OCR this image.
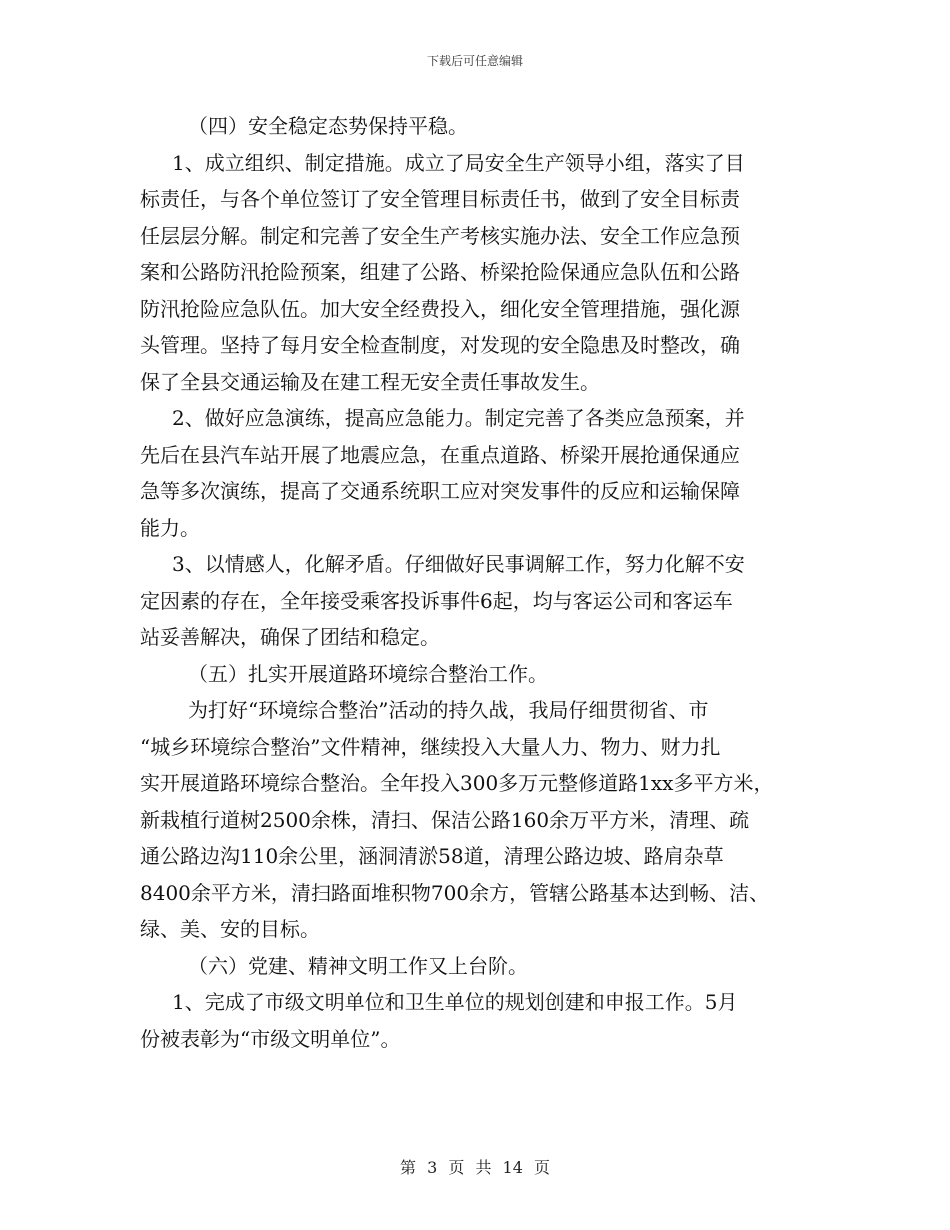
下载后可任意编辑
（四）安全稳定态势保持平稳。
1、成立组织、制定措施。成立了局安全生产领导小组，落实了目
标责任，与各个单位签订了安全管理目标责任书，做到了安全目标责
任层层分解。制定和完善了安全生产考核实施办法、安全工作应急预
案和公路防汛抢险预案，组建了公路、桥梁抢险保通应急队伍和公路
防汛抢险应急队伍。加大安全经费投入，细化安全管理措施，强化源
头管理。坚持了每月安全检查制度，对发现的安全隐患及时整改，确
保了全县交通运输及在建工程无安全责任事故发生。
2、做好应急演练，提高应急能力。制定完善了各类应急预案，并
先后在县汽车站开展了地震应急，在重点道路、桥梁开展抢通保通应
急等多次演练，提高了交通系统职工应对突发事件的反应和运输保障
能力。
3、以情感人，化解矛盾。仔细做好民事调解工作，努力化解不安
定因素的存在，全年接受乘客投诉事件6起，均与客运公司和客运车
站妥善解决，确保了团结和稳定。
（五）扎实开展道路环境综合整治工作。
为打好“环境综合整治”活动的持久战，我局仔细贯彻省、市
“城乡环境综合整治”文件精神，继续投入大量人力、物力、财力扎
实开展道路环境综合整治。全年投入300多万元整修道路1xx多平方米，
新栽植行道树2500余株，清扫、保洁公路160余万平方米，清理、疏
通公路边沟110余公里，涵洞清淤58道，清理公路边坡、路肩杂草
8400余平方米，清扫路面堆积物700余方，管辖公路基本达到畅、洁、
绿、美、安的目标。
（六）党建、精神文明工作又上台阶。
1、完成了市级文明单位和卫生单位的规划创建和申报工作。5月
份被表彰为“市级文明单位”。
第 3 页 共 14 页
